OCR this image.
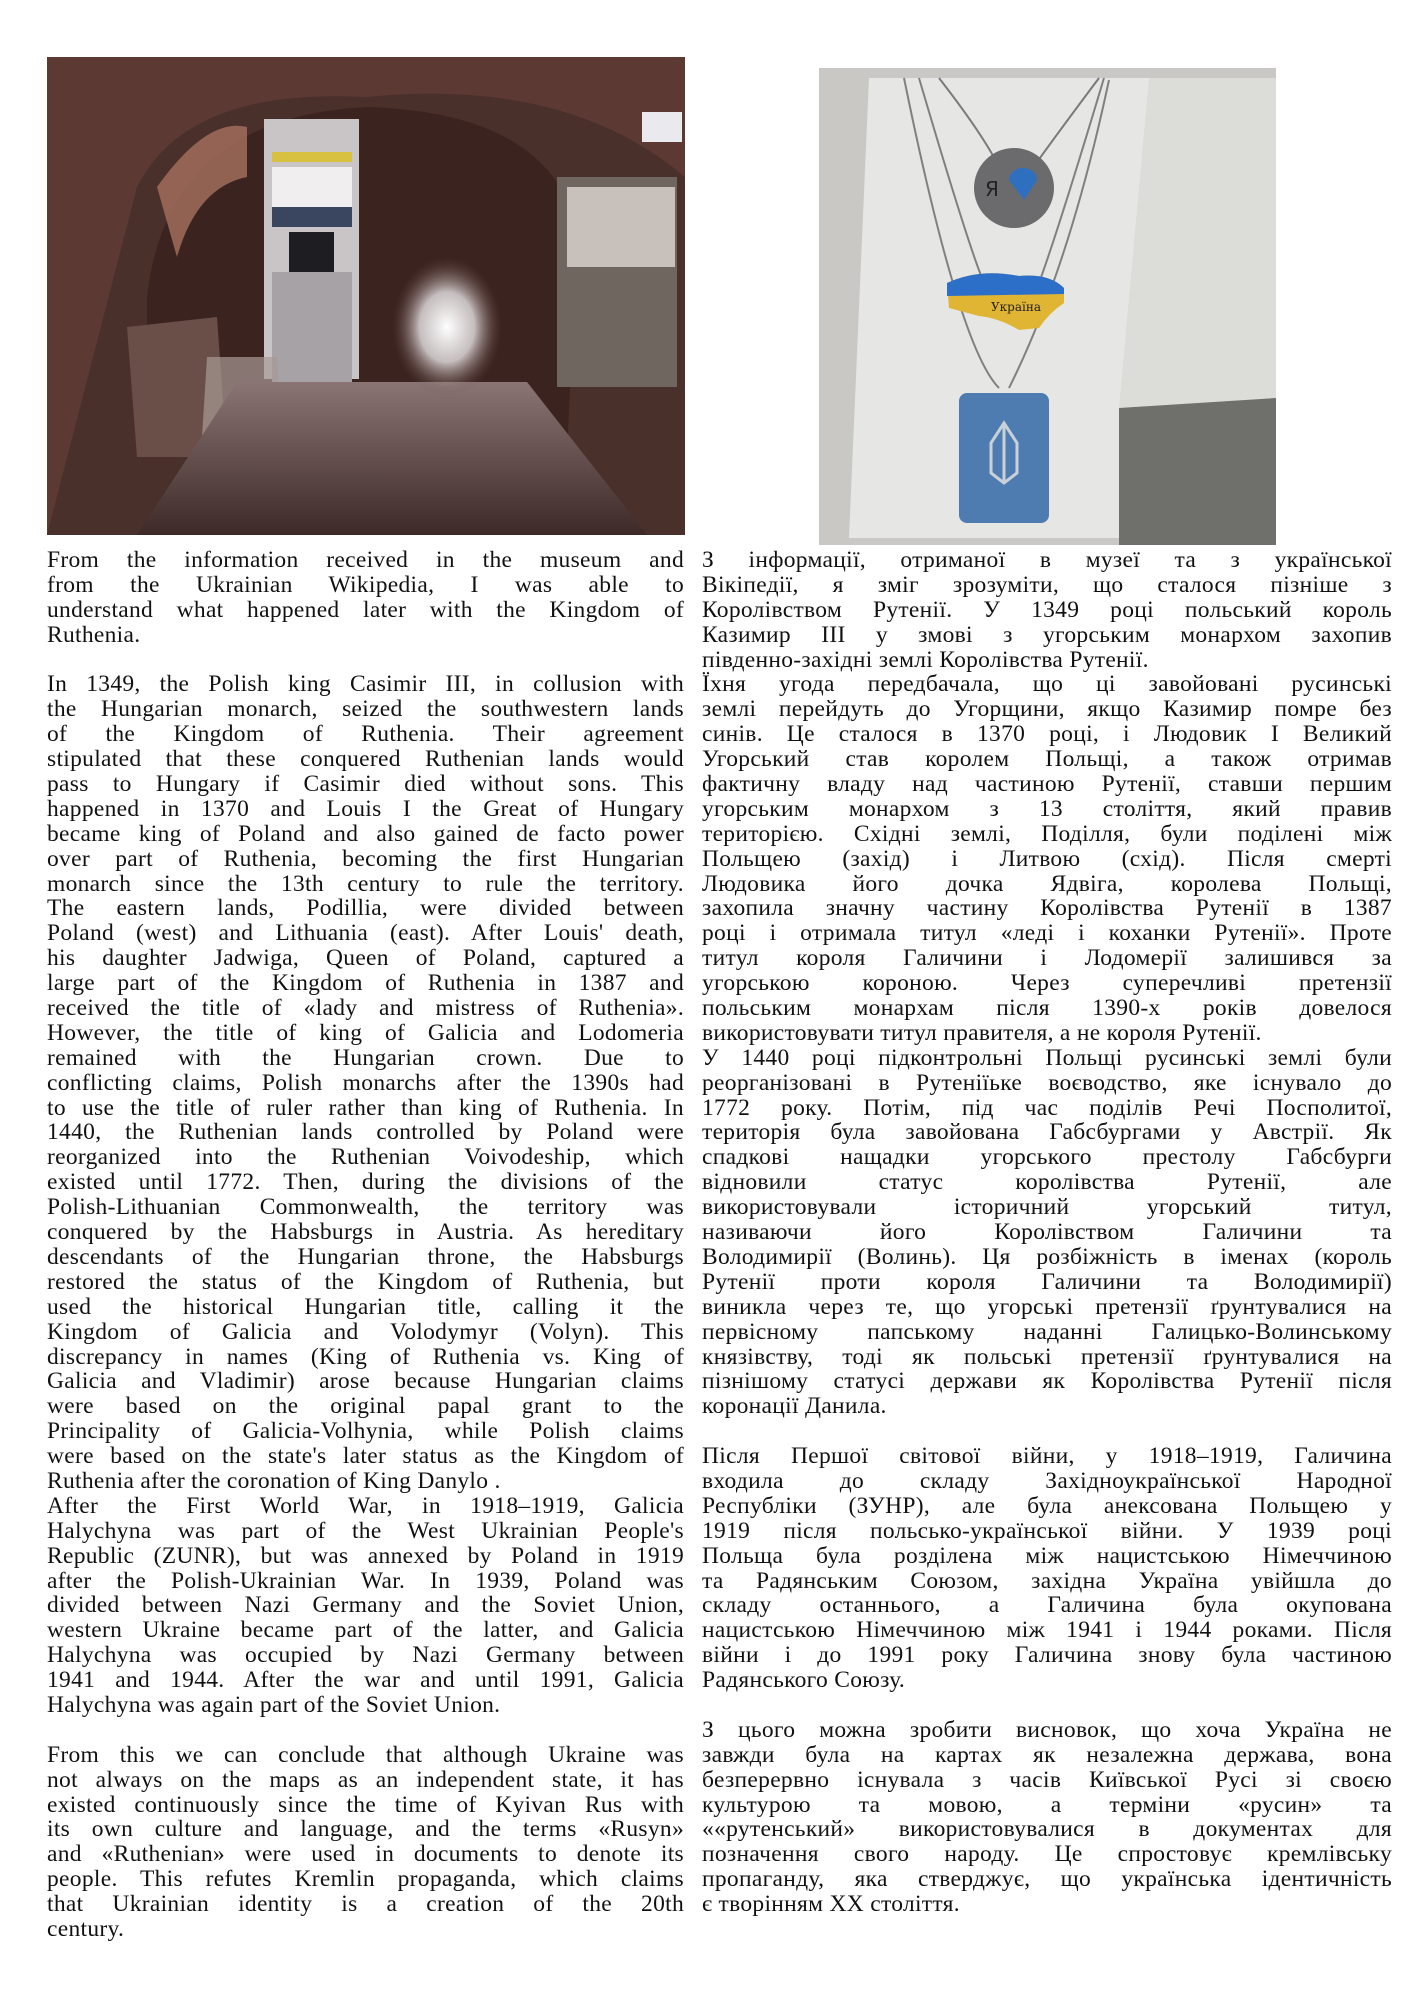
Я
Україна
From the information received in the museum and
from the Ukrainian Wikipedia, I was able to
understand what happened later with the Kingdom of
Ruthenia.
In 1349, the Polish king Casimir III, in collusion with
the Hungarian monarch, seized the southwestern lands
of the Kingdom of Ruthenia. Their agreement
stipulated that these conquered Ruthenian lands would
pass to Hungary if Casimir died without sons. This
happened in 1370 and Louis I the Great of Hungary
became king of Poland and also gained de facto power
over part of Ruthenia, becoming the first Hungarian
monarch since the 13th century to rule the territory.
The eastern lands, Podillia, were divided between
Poland (west) and Lithuania (east). After Louis' death,
his daughter Jadwiga, Queen of Poland, captured a
large part of the Kingdom of Ruthenia in 1387 and
received the title of «lady and mistress of Ruthenia».
However, the title of king of Galicia and Lodomeria
remained with the Hungarian crown. Due to
conflicting claims, Polish monarchs after the 1390s had
to use the title of ruler rather than king of Ruthenia. In
1440, the Ruthenian lands controlled by Poland were
reorganized into the Ruthenian Voivodeship, which
existed until 1772. Then, during the divisions of the
Polish-Lithuanian Commonwealth, the territory was
conquered by the Habsburgs in Austria. As hereditary
descendants of the Hungarian throne, the Habsburgs
restored the status of the Kingdom of Ruthenia, but
used the historical Hungarian title, calling it the
Kingdom of Galicia and Volodymyr (Volyn). This
discrepancy in names (King of Ruthenia vs. King of
Galicia and Vladimir) arose because Hungarian claims
were based on the original papal grant to the
Principality of Galicia-Volhynia, while Polish claims
were based on the state's later status as the Kingdom of
Ruthenia after the coronation of King Danylo .
After the First World War, in 1918–1919, Galicia
Halychyna was part of the West Ukrainian People's
Republic (ZUNR), but was annexed by Poland in 1919
after the Polish-Ukrainian War. In 1939, Poland was
divided between Nazi Germany and the Soviet Union,
western Ukraine became part of the latter, and Galicia
Halychyna was occupied by Nazi Germany between
1941 and 1944. After the war and until 1991, Galicia
Halychyna was again part of the Soviet Union.
From this we can conclude that although Ukraine was
not always on the maps as an independent state, it has
existed continuously since the time of Kyivan Rus with
its own culture and language, and the terms «Rusyn»
and «Ruthenian» were used in documents to denote its
people. This refutes Kremlin propaganda, which claims
that Ukrainian identity is a creation of the 20th
century.
З інформації, отриманої в музеї та з української
Вікіпедії, я зміг зрозуміти, що сталося пізніше з
Королівством Рутенії. У 1349 році польський король
Казимир III у змові з угорським монархом захопив
південно-західні землі Королівства Рутенії.
Їхня угода передбачала, що ці завойовані русинські
землі перейдуть до Угорщини, якщо Казимир помре без
синів. Це сталося в 1370 році, і Людовик I Великий
Угорський став королем Польщі, а також отримав
фактичну владу над частиною Рутенії, ставши першим
угорським монархом з 13 століття, який правив
територією. Східні землі, Поділля, були поділені між
Польщею (захід) і Литвою (схід). Після смерті
Людовика його дочка Ядвіга, королева Польщі,
захопила значну частину Королівства Рутенії в 1387
році і отримала титул «леді і коханки Рутенії». Проте
титул короля Галичини і Лодомерії залишився за
угорською короною. Через суперечливі претензії
польським монархам після 1390-х років довелося
використовувати титул правителя, а не короля Рутенії.
У 1440 році підконтрольні Польщі русинські землі були
реорганізовані в Рутеніїьке воєводство, яке існувало до
1772 року. Потім, під час поділів Речі Посполитої,
територія була завойована Габсбургами у Австрії. Як
спадкові нащадки угорського престолу Габсбурги
відновили статус королівства Рутенії, але
використовували історичний угорський титул,
називаючи його Королівством Галичини та
Володимирії (Волинь). Ця розбіжність в іменах (король
Рутенії проти короля Галичини та Володимирії)
виникла через те, що угорські претензії ґрунтувалися на
первісному папському наданні Галицько-Волинському
князівству, тоді як польські претензії ґрунтувалися на
пізнішому статусі держави як Королівства Рутенії після
коронації Данила.
Після Першої світової війни, у 1918–1919, Галичина
входила до складу Західноукраїнської Народної
Республіки (ЗУНР), але була анексована Польщею у
1919 після польсько-української війни. У 1939 році
Польща була розділена між нацистською Німеччиною
та Радянським Союзом, західна Україна увійшла до
складу останнього, а Галичина була окупована
нацистською Німеччиною між 1941 і 1944 роками. Після
війни і до 1991 року Галичина знову була частиною
Радянського Союзу.
З цього можна зробити висновок, що хоча Україна не
завжди була на картах як незалежна держава, вона
безперервно існувала з часів Київської Русі зі своєю
культурою та мовою, а терміни «русин» та
««рутенський» використовувалися в документах для
позначення свого народу. Це спростовує кремлівську
пропаганду, яка стверджує, що українська ідентичність
є творінням XX століття.
